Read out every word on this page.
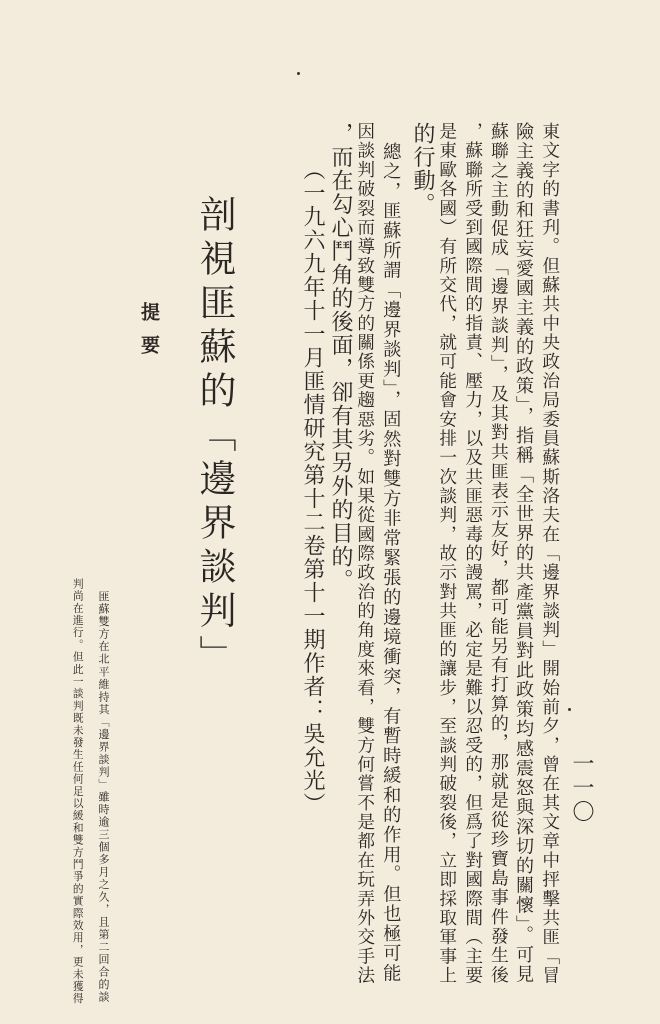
一一〇
東文字的書刋。但蘇共中央政治局委員蘇斯洛夫在「邊界談判」開始前夕，曾在其文章中抨擊共匪「冒
險主義的和狂妄愛國主義的政策」，指稱「全世界的共產黨員對此政策均感震怒與深切的關懷」。可見
蘇聯之主動促成「邊界談判」，及其對共匪表示友好，都可能另有打算的，那就是從珍寶島事件發生後
，蘇聯所受到國際間的指責、壓力，以及共匪惡毒的謾罵，必定是難以忍受的，但爲了對國際間（主要
是東歐各國）有所交代，就可能會安排一次談判，故示對共匪的讓步，至談判破裂後，立即採取軍事上
的行動。
　總之，匪蘇所謂「邊界談判」，固然對雙方非常緊張的邊境衝突，有暫時緩和的作用。但也極可能
因談判破裂而導致雙方的關係更趨惡劣。如果從國際政治的角度來看，雙方何嘗不是都在玩弄外交手法
，而在勾心鬥角的後面，卻有其另外的目的。
　　（一九六九年十一月匪情研究第十二卷第十一期作者：吳允光）
剖視匪蘇的「邊界談判」
提要
　匪蘇雙方在北平維持其「邊界談判」雖時逾三個多月之久，且第二回合的談
判尚在進行。但此一談判既未發生任何足以緩和雙方鬥爭的實際效用，更未獲得
